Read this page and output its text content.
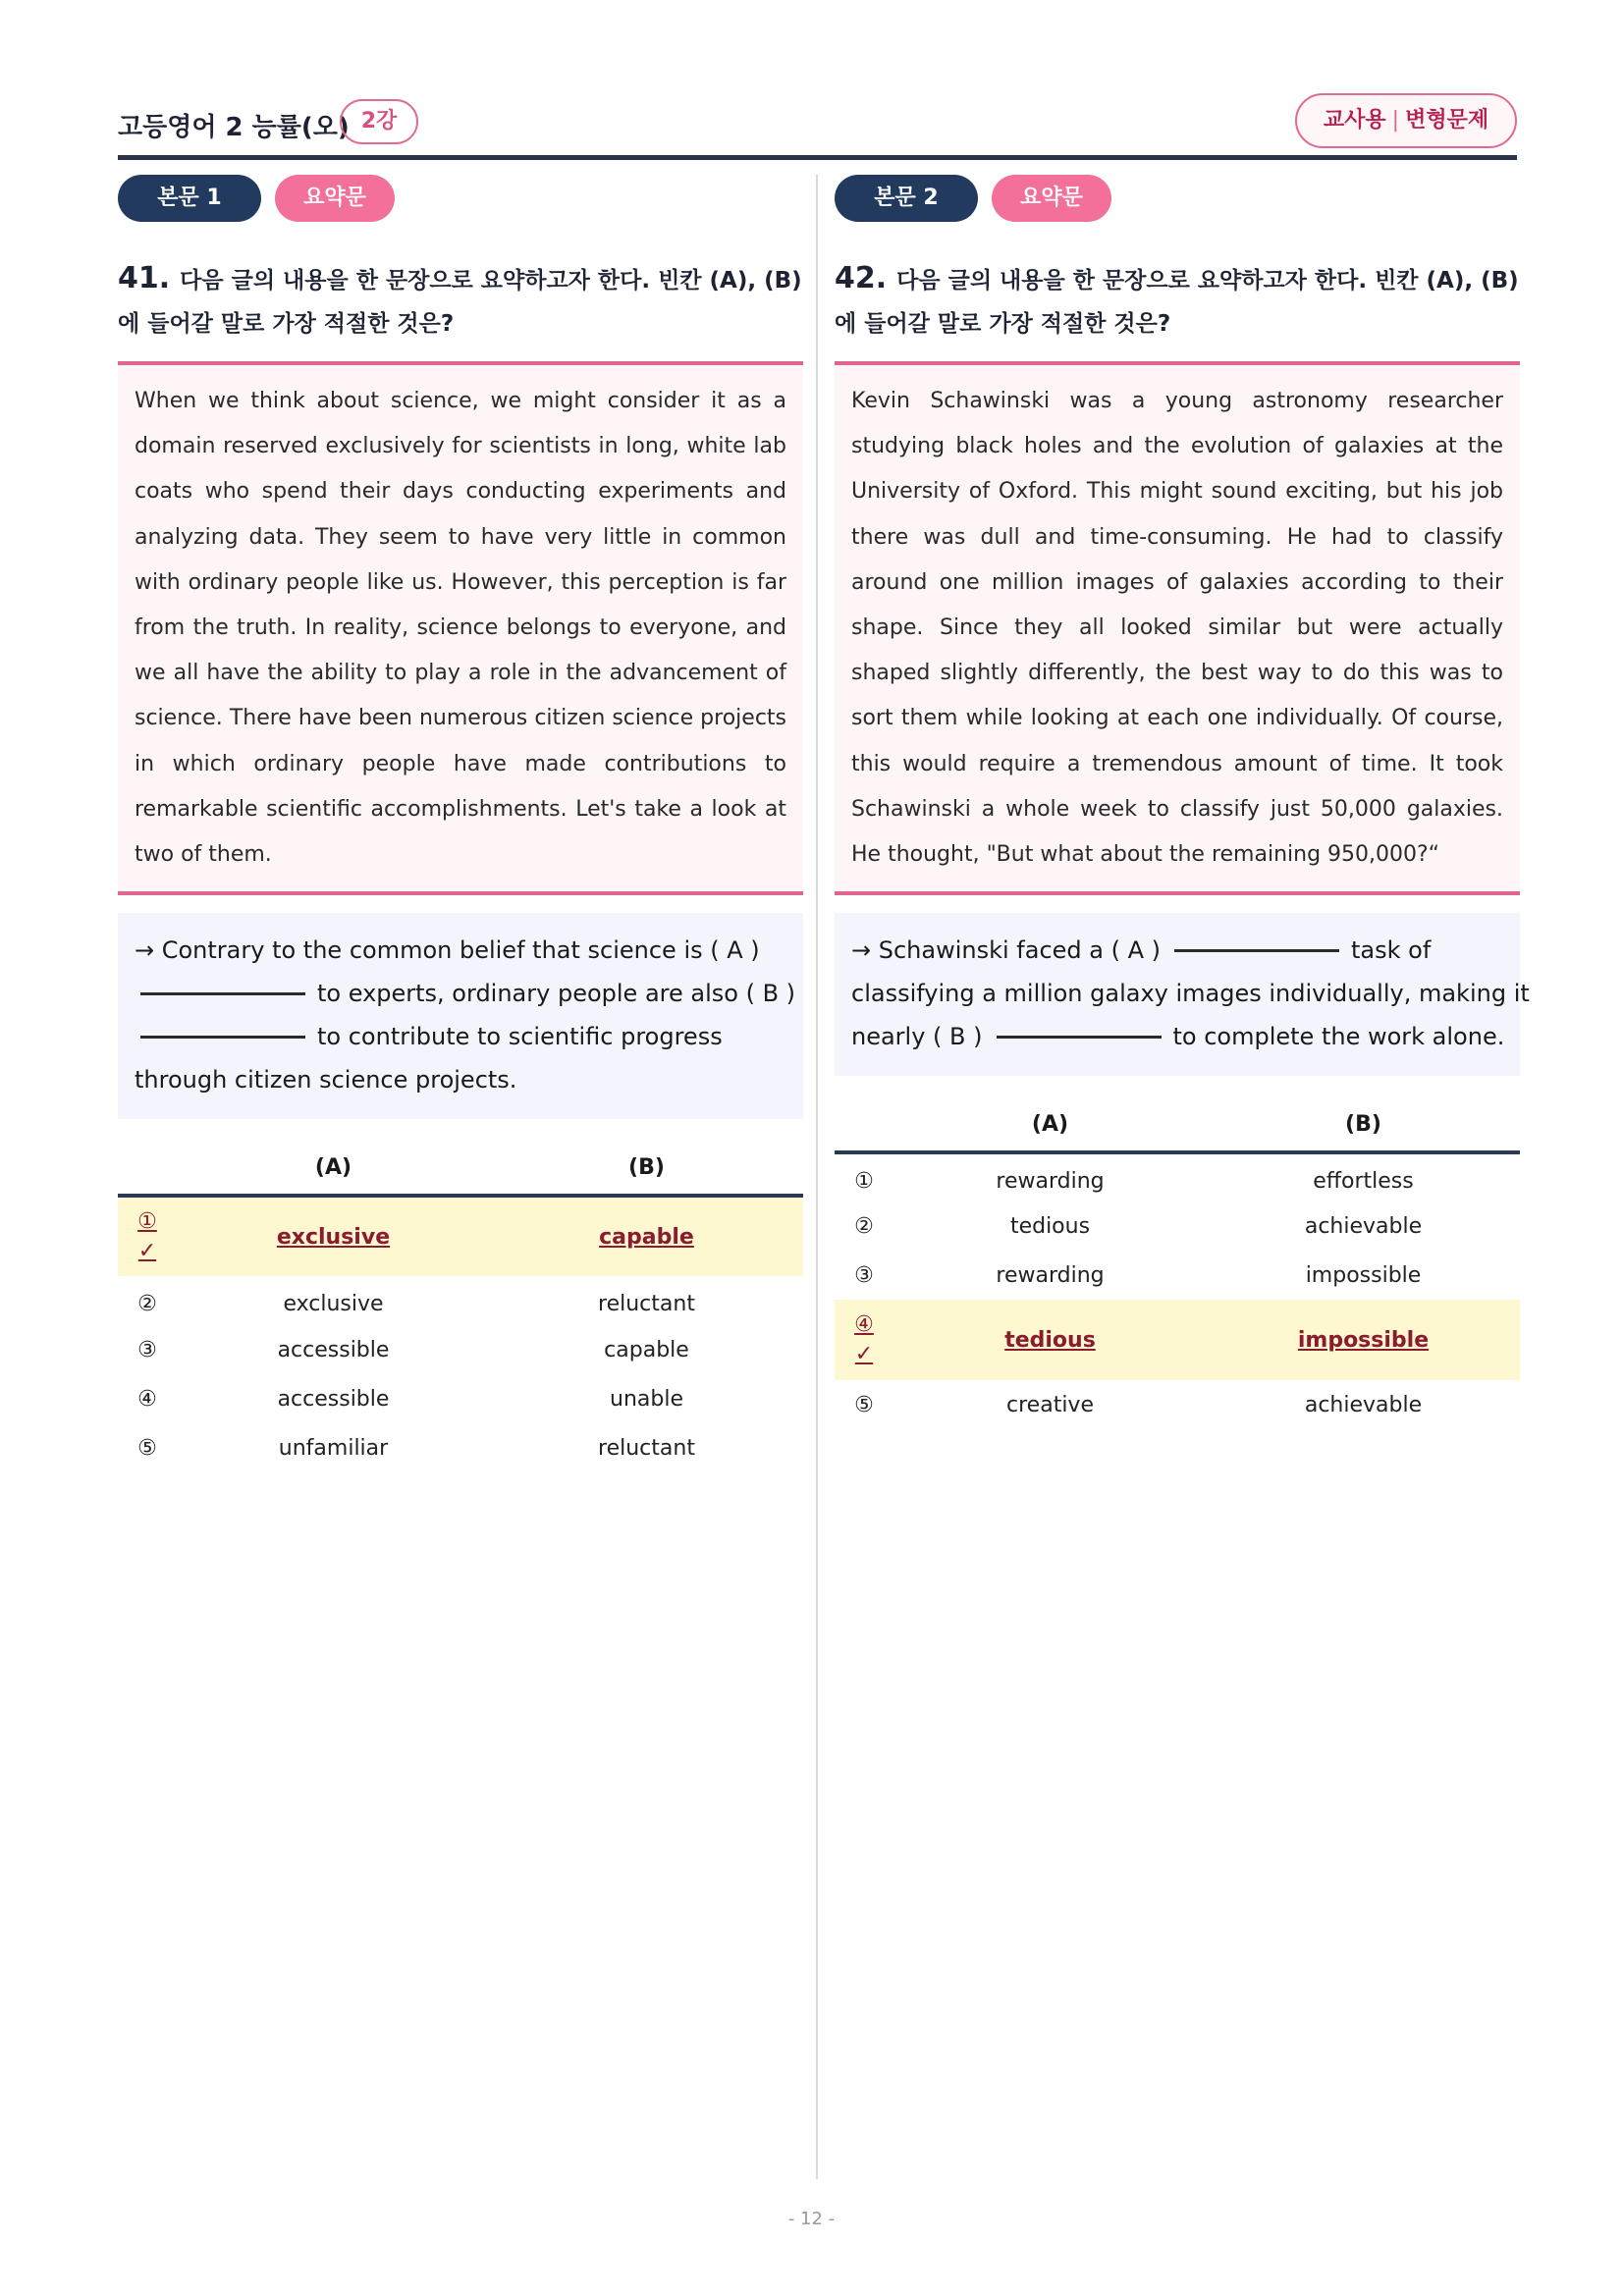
고등영어 2 능률(오) 2강	교사용 | 변형문제
본문 1	요약문
41. 다음 글의 내용을 한 문장으로 요약하고자 한다. 빈칸 (A), (B)에 들어갈 말로 가장 적절한 것은?
When we think about science, we might consider it as a domain reserved exclusively for scientists in long, white lab coats who spend their days conducting experiments and analyzing data. They seem to have very little in common with ordinary people like us. However, this perception is far from the truth. In reality, science belongs to everyone, and we all have the ability to play a role in the advancement of science. There have been numerous citizen science projects in which ordinary people have made contributions to remarkable scientific accomplishments. Let's take a look at two of them.
→ Contrary to the common belief that science is ( A )
to experts, ordinary people are also ( B )
to contribute to scientific progress
through citizen science projects.
	(A)	(B)
①
✓	exclusive	capable
②	exclusive	reluctant
③	accessible	capable
④	accessible	unable
⑤	unfamiliar	reluctant
본문 2	요약문
42. 다음 글의 내용을 한 문장으로 요약하고자 한다. 빈칸 (A), (B)에 들어갈 말로 가장 적절한 것은?
Kevin Schawinski was a young astronomy researcher studying black holes and the evolution of galaxies at the University of Oxford. This might sound exciting, but his job there was dull and time-consuming. He had to classify around one million images of galaxies according to their shape. Since they all looked similar but were actually shaped slightly differently, the best way to do this was to sort them while looking at each one individually. Of course, this would require a tremendous amount of time. It took Schawinski a whole week to classify just 50,000 galaxies. He thought, "But what about the remaining 950,000?“
→ Schawinski faced a ( A )	task of
classifying a million galaxy images individually, making it
nearly ( B )	to complete the work alone.
	(A)	(B)
①	rewarding	effortless
②	tedious	achievable
③	rewarding	impossible
④
✓	tedious	impossible
⑤	creative	achievable
- 12 -
